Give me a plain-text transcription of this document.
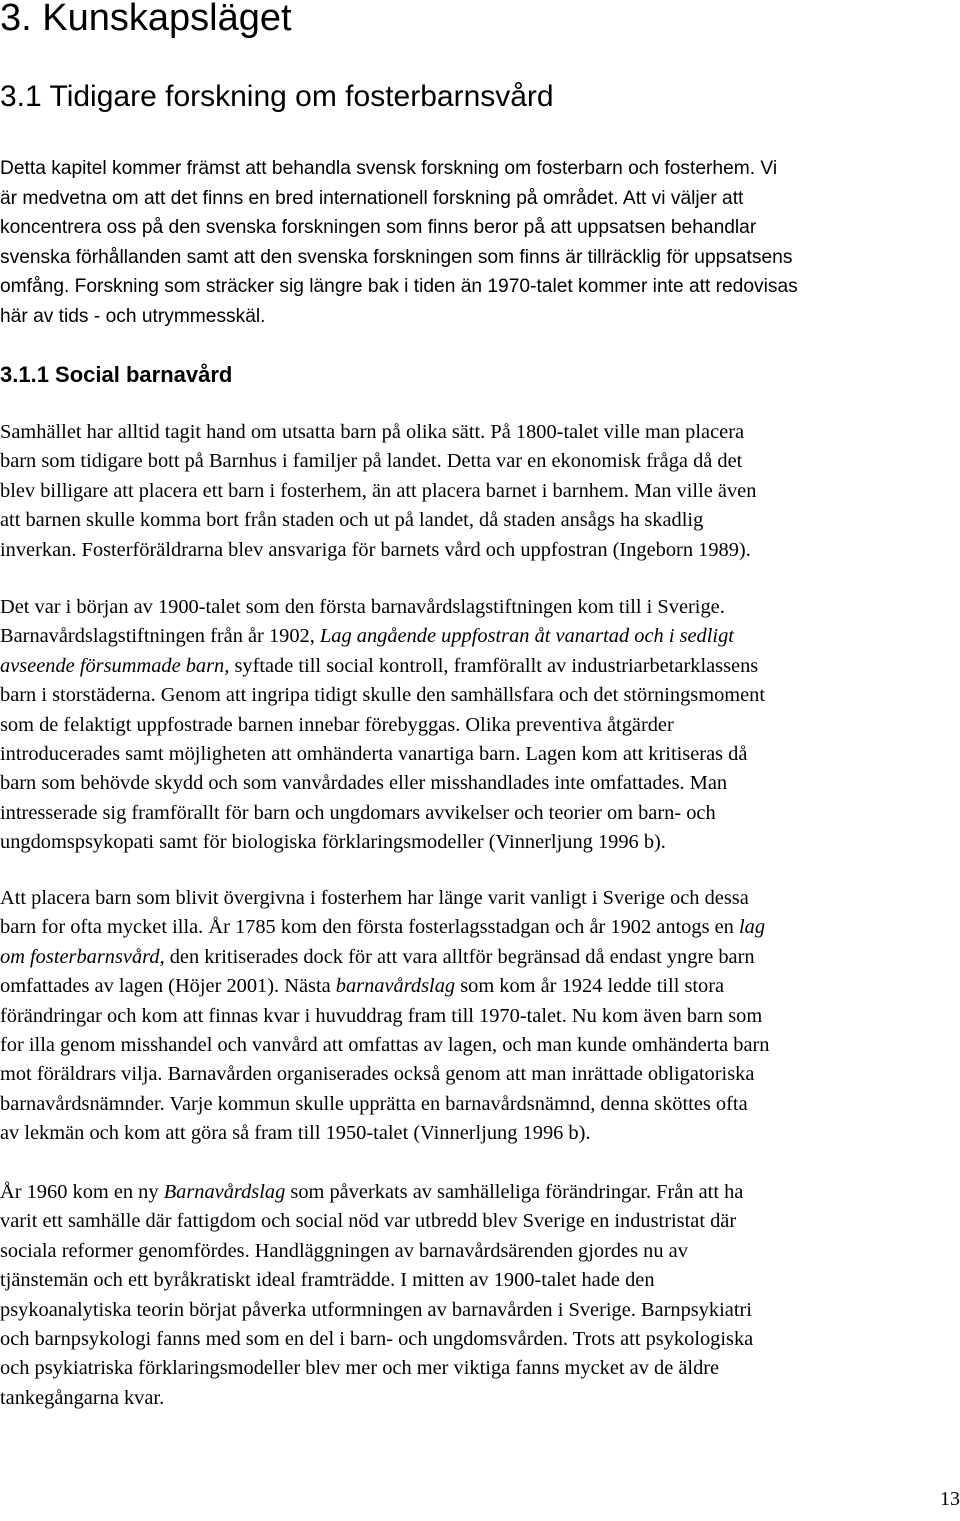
3. Kunskapsläget
3.1 Tidigare forskning om fosterbarnsvård

Detta kapitel kommer främst att behandla svensk forskning om fosterbarn och fosterhem. Vi
är medvetna om att det finns en bred internationell forskning på området. Att vi väljer att
koncentrera oss på den svenska forskningen som finns beror på att uppsatsen behandlar
svenska förhållanden samt att den svenska forskningen som finns är tillräcklig för uppsatsens
omfång. Forskning som sträcker sig längre bak i tiden än 1970-talet kommer inte att redovisas
här av tids - och utrymmesskäl.

3.1.1 Social barnavård

Samhället har alltid tagit hand om utsatta barn på olika sätt. På 1800-talet ville man placera
barn som tidigare bott på Barnhus i familjer på landet. Detta var en ekonomisk fråga då det
blev billigare att placera ett barn i fosterhem, än att placera barnet i barnhem. Man ville även
att barnen skulle komma bort från staden och ut på landet, då staden ansågs ha skadlig
inverkan. Fosterföräldrarna blev ansvariga för barnets vård och uppfostran (Ingeborn 1989).

Det var i början av 1900-talet som den första barnavårdslagstiftningen kom till i Sverige.
Barnavårdslagstiftningen från år 1902, Lag angående uppfostran åt vanartad och i sedligt
avseende försummade barn, syftade till social kontroll, framförallt av industriarbetarklassens
barn i storstäderna. Genom att ingripa tidigt skulle den samhällsfara och det störningsmoment
som de felaktigt uppfostrade barnen innebar förebyggas. Olika preventiva åtgärder
introducerades samt möjligheten att omhänderta vanartiga barn. Lagen kom att kritiseras då
barn som behövde skydd och som vanvårdades eller misshandlades inte omfattades. Man
intresserade sig framförallt för barn och ungdomars avvikelser och teorier om barn- och
ungdomspsykopati samt för biologiska förklaringsmodeller (Vinnerljung 1996 b).

Att placera barn som blivit övergivna i fosterhem har länge varit vanligt i Sverige och dessa
barn for ofta mycket illa. År 1785 kom den första fosterlagsstadgan och år 1902 antogs en lag
om fosterbarnsvård, den kritiserades dock för att vara alltför begränsad då endast yngre barn
omfattades av lagen (Höjer 2001). Nästa barnavårdslag som kom år 1924 ledde till stora
förändringar och kom att finnas kvar i huvuddrag fram till 1970-talet. Nu kom även barn som
for illa genom misshandel och vanvård att omfattas av lagen, och man kunde omhänderta barn
mot föräldrars vilja. Barnavården organiserades också genom att man inrättade obligatoriska
barnavårdsnämnder. Varje kommun skulle upprätta en barnavårdsnämnd, denna sköttes ofta
av lekmän och kom att göra så fram till 1950-talet (Vinnerljung 1996 b).

År 1960 kom en ny Barnavårdslag som påverkats av samhälleliga förändringar. Från att ha
varit ett samhälle där fattigdom och social nöd var utbredd blev Sverige en industristat där
sociala reformer genomfördes. Handläggningen av barnavårdsärenden gjordes nu av
tjänstemän och ett byråkratiskt ideal framträdde. I mitten av 1900-talet hade den
psykoanalytiska teorin börjat påverka utformningen av barnavården i Sverige. Barnpsykiatri
och barnpsykologi fanns med som en del i barn- och ungdomsvården. Trots att psykologiska
och psykiatriska förklaringsmodeller blev mer och mer viktiga fanns mycket av de äldre
tankegångarna kvar.

13
